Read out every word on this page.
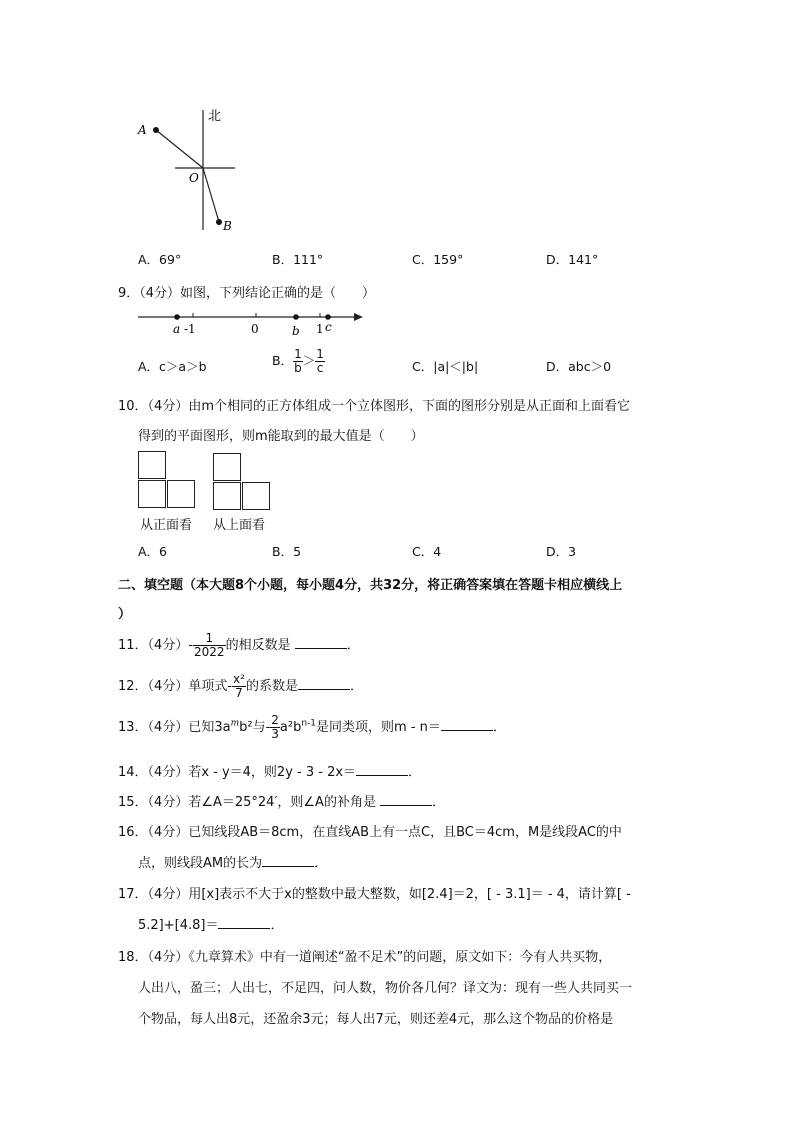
北
A
O
B
A．69°	B．111°	C．159°	D．141°
9．（4分）如图，下列结论正确的是（　　）
a -1	0	b 1 c
A．c＞a＞b	B． $\frac{1}{b} > \frac{1}{c}$	C．|a|＜|b|	D．abc＞0
10．（4分）由m个相同的正方体组成一个立体图形，下面的图形分别是从正面和上面看它
得到的平面图形，则m能取到的最大值是（　　）
从正面看 从上面看
A．6	B．5	C．4	D．3
二、填空题（本大题8个小题，每小题4分，共32分，将正确答案填在答题卡相应横线上
）
11．（4分）- $\frac{1}{2022}$ 的相反数是	．
12．（4分）单项式- $\frac{\text{x²}}{7}$ 的系数是	．
13．（4分）已知$3a^mb^2$与- $\frac{2}{3} a^2b^{n-1}$是同类项，则m - n＝	．
14．（4分）若x - y＝4，则2y - 3 - 2x＝	．
15．（4分）若∠A＝25°24′，则∠A的补角是	．
16．（4分）已知线段AB＝8cm，在直线AB上有一点C，且BC＝4cm，M是线段AC的中
点，则线段AM的长为	．
17．（4分）用[x]表示不大于x的整数中最大整数，如[2.4]＝2，[ - 3.1]＝ - 4，请计算[ -
5.2]+[4.8]＝	．
18．（4分）《九章算术》中有一道阐述“盈不足术”的问题，原文如下：今有人共买物，
人出八，盈三；人出七，不足四，问人数，物价各几何？译文为：现有一些人共同买一
个物品，每人出8元，还盈余3元；每人出7元，则还差4元，那么这个物品的价格是
